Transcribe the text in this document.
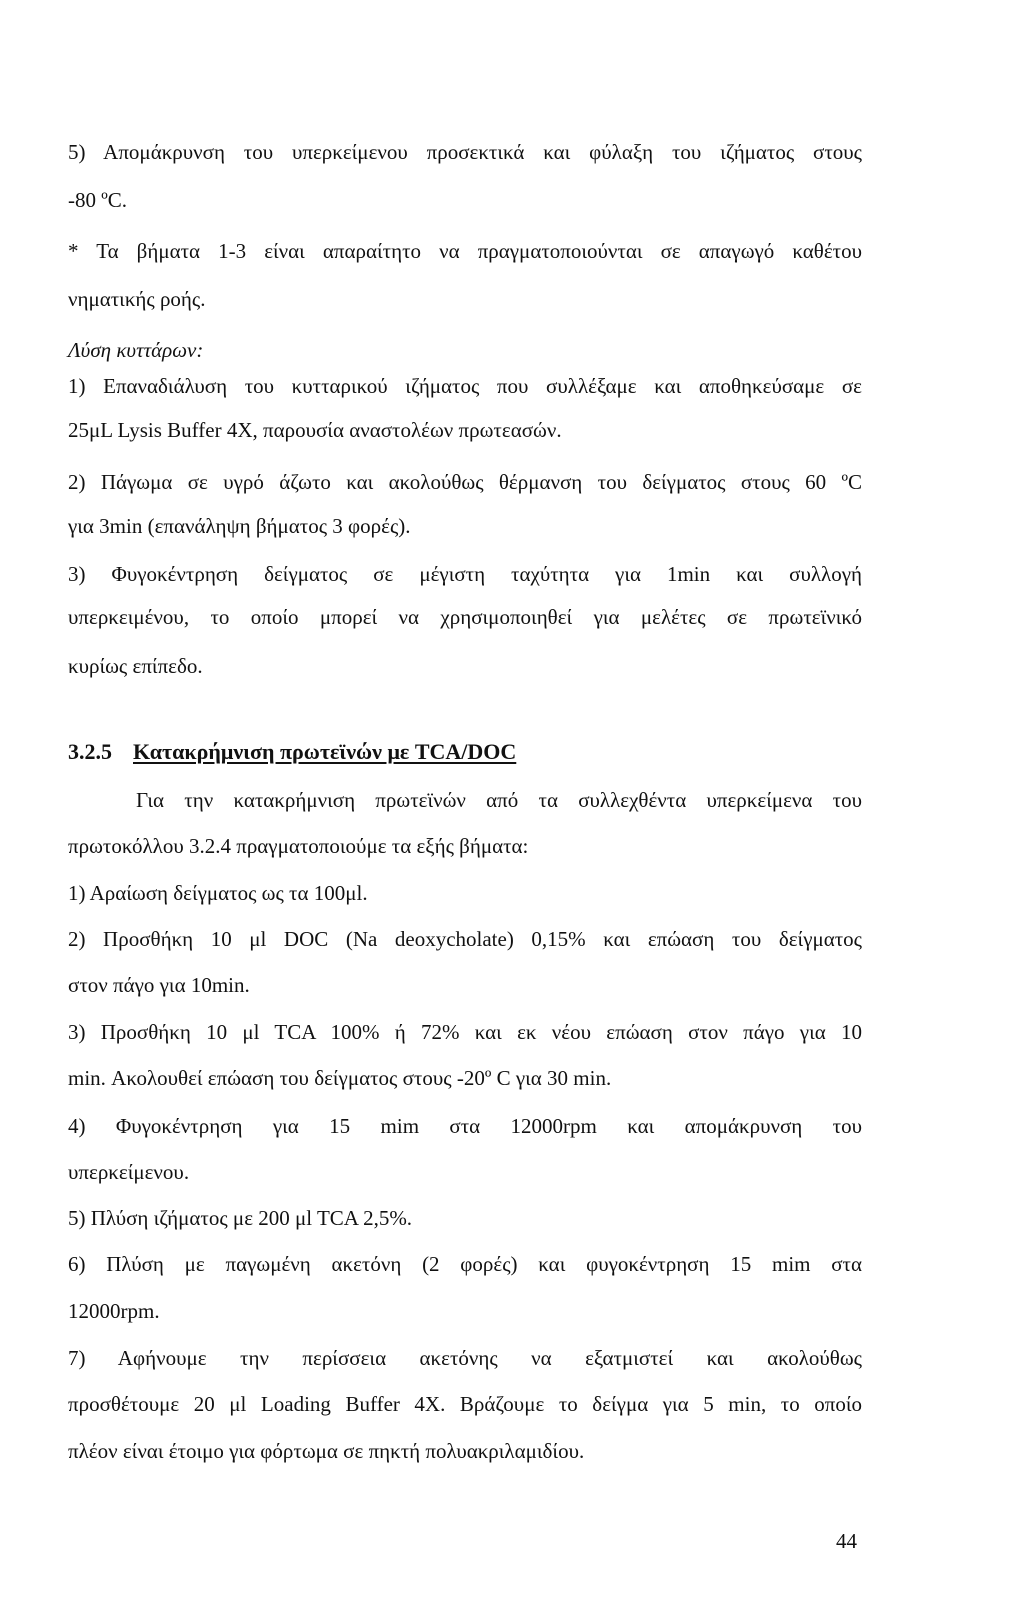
5) Απομάκρυνση του υπερκείμενου προσεκτικά και φύλαξη του ιζήματος στους
-80 ºC.
* Τα βήματα 1-3 είναι απαραίτητο να πραγματοποιούνται σε απαγωγό καθέτου
νηματικής ροής.
Λύση κυττάρων:
1) Επαναδιάλυση του κυτταρικού ιζήματος που συλλέξαμε και αποθηκεύσαμε σε
25μL Lysis Buffer 4X, παρουσία αναστολέων πρωτεασών.
2) Πάγωμα σε υγρό άζωτο και ακολούθως θέρμανση του δείγματος στους 60 ºC
για 3min (επανάληψη βήματος 3 φορές).
3) Φυγοκέντρηση δείγματος σε μέγιστη ταχύτητα για 1min και συλλογή
υπερκειμένου, το οποίο μπορεί να χρησιμοποιηθεί για μελέτες σε πρωτεϊνικό
κυρίως επίπεδο.
3.2.5 Κατακρήμνιση πρωτεϊνών με TCA/DOC
Για την κατακρήμνιση πρωτεϊνών από τα συλλεχθέντα υπερκείμενα του
πρωτοκόλλου 3.2.4 πραγματοποιούμε τα εξής βήματα:
1) Αραίωση δείγματος ως τα 100μl.
2) Προσθήκη 10 μl DOC (Na deoxycholate) 0,15% και επώαση του δείγματος
στον πάγο για 10min.
3) Προσθήκη 10 μl TCA 100% ή 72% και εκ νέου επώαση στον πάγο για 10
min. Ακολουθεί επώαση του δείγματος στους -20º C για 30 min.
4) Φυγοκέντρηση για 15 mim στα 12000rpm και απομάκρυνση του
υπερκείμενου.
5) Πλύση ιζήματος με 200 μl TCA 2,5%.
6) Πλύση με παγωμένη ακετόνη (2 φορές) και φυγοκέντρηση 15 mim στα
12000rpm.
7) Αφήνουμε την περίσσεια ακετόνης να εξατμιστεί και ακολούθως
προσθέτουμε 20 μl Loading Buffer 4X. Βράζουμε το δείγμα για 5 min, το οποίο
πλέον είναι έτοιμο για φόρτωμα σε πηκτή πολυακριλαμιδίου.
44
